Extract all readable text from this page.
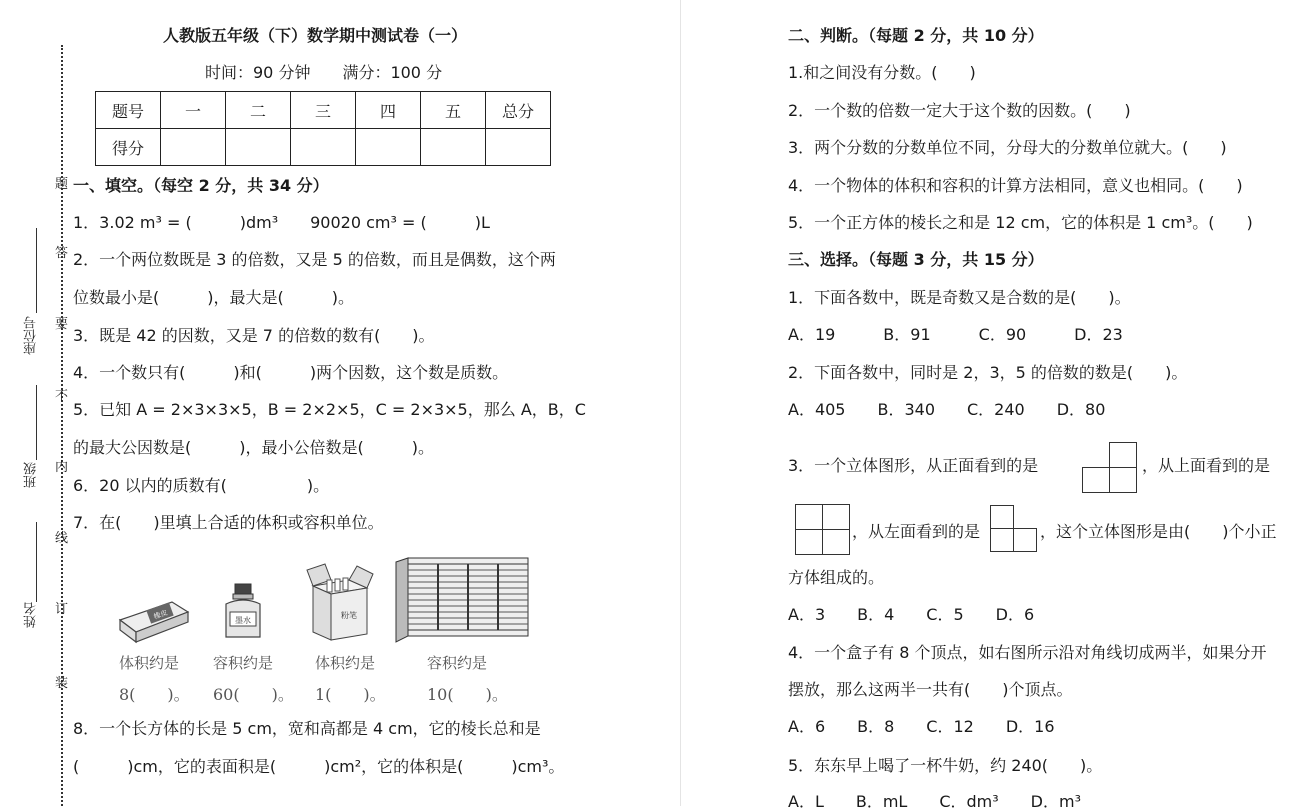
题
答
要
不
内
线
订
装
座位号
班级
姓名
人教版五年级（下）数学期中测试卷（一）
时间：90 分钟　　满分：100 分
题号	一	二	三	四	五	总分
得分						
一、填空。（每空 2 分，共 34 分）
1．3.02 m³ = (　　　)dm³　　90020 cm³ = (　　　)L
2．一个两位数既是 3 的倍数，又是 5 的倍数，而且是偶数，这个两
位数最小是(　　　)，最大是(　　　)。
3．既是 42 的因数，又是 7 的倍数的数有(　　)。
4．一个数只有(　　　)和(　　　)两个因数，这个数是质数。
5．已知 A = 2×3×3×5，B = 2×2×5，C = 2×3×5，那么 A，B，C
的最大公因数是(　　　)，最小公倍数是(　　　)。
6．20 以内的质数有(　　　　　)。
7．在(　　)里填上合适的体积或容积单位。
橡皮	墨水
粉笔
体积约是 容积约是	体积约是	容积约是
8(　　)。 60(　　)。 1(　　)。	10(　　)。
8．一个长方体的长是 5 cm，宽和高都是 4 cm，它的棱长总和是
(　　　)cm，它的表面积是(　　　)cm²，它的体积是(　　　)cm³。
二、判断。（每题 2 分，共 10 分）
1.和之间没有分数。(　　)
2．一个数的倍数一定大于这个数的因数。(　　)
3．两个分数的分数单位不同，分母大的分数单位就大。(　　)
4．一个物体的体积和容积的计算方法相同，意义也相同。(　　)
5．一个正方体的棱长之和是 12 cm，它的体积是 1 cm³。(　　)
三、选择。（每题 3 分，共 15 分）
1．下面各数中，既是奇数又是合数的是(　　)。
A．19　　　B．91　　　C．90　　　D．23
2．下面各数中，同时是 2，3，5 的倍数的数是(　　)。
A．405　　B．340　　C．240　　D．80
3．一个立体图形，从正面看到的是	，从上面看到的是
，从左面看到的是	，这个立体图形是由(　　)个小正
方体组成的。
A．3　　B．4　　C．5　　D．6
4．一个盒子有 8 个顶点，如右图所示沿对角线切成两半，如果分开
摆放，那么这两半一共有(　　)个顶点。
A．6　　B．8　　C．12　　D．16
5．东东早上喝了一杯牛奶，约 240(　　)。
A．L　　B．mL　　C．dm³　　D．m³
